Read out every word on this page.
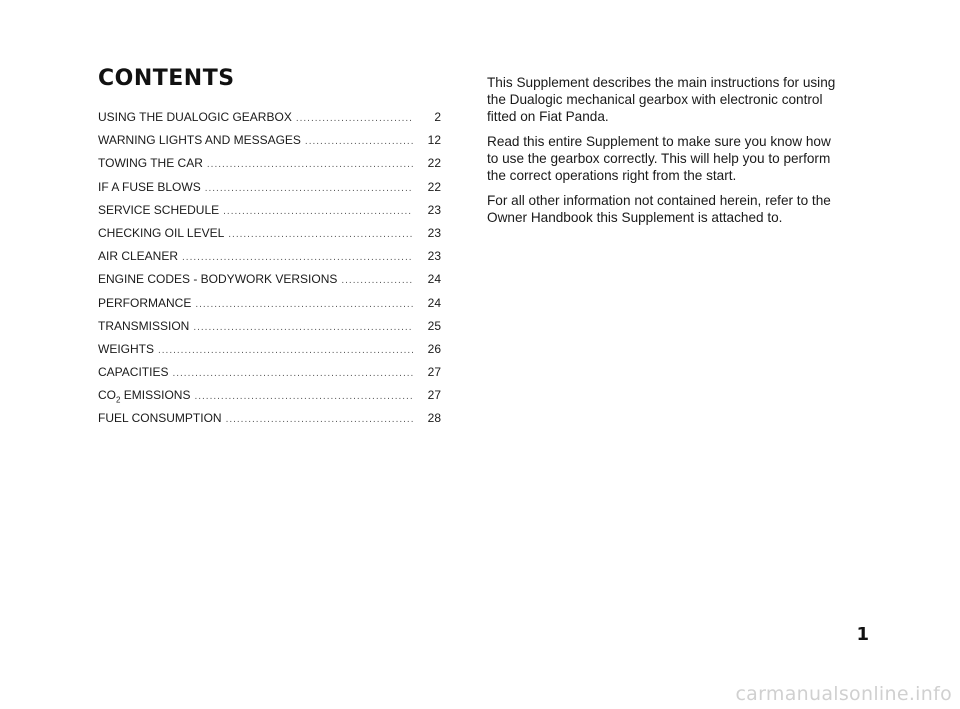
CONTENTS
USING THE DUALOGIC GEARBOX .....	2
WARNING LIGHTS AND MESSAGES .....	12
TOWING THE CAR .....	22
IF A FUSE BLOWS .....	22
SERVICE SCHEDULE .....	23
CHECKING OIL LEVEL .....	23
AIR CLEANER .....	23
ENGINE CODES - BODYWORK VERSIONS .....	24
PERFORMANCE .....	24
TRANSMISSION .....	25
WEIGHTS .....	26
CAPACITIES .....	27
$CO_2$ EMISSIONS .....	27
FUEL CONSUMPTION .....	28

This Supplement describes the main instructions for using the Dualogic mechanical gearbox with electronic control fitted on Fiat Panda.

Read this entire Supplement to make sure you know how to use the gearbox correctly. This will help you to perform the correct operations right from the start.

For all other information not contained herein, refer to the Owner Handbook this Supplement is attached to.

1
carmanualsonline.info
